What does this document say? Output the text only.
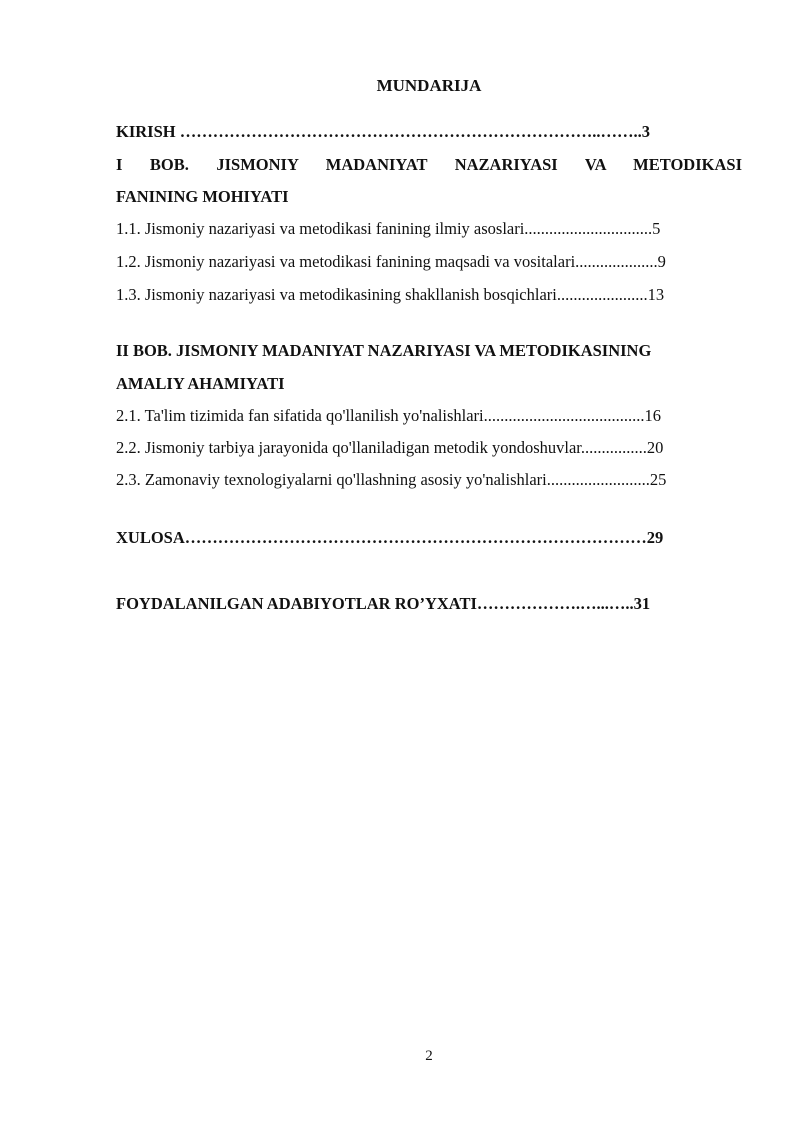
MUNDARIJA
KIRISH …………………………………………………………………..……..3
I BOB. JISMONIY MADANIYAT NAZARIYASI VA METODIKASI
FANINING MOHIYATI
1.1. Jismoniy nazariyasi va metodikasi fanining ilmiy asoslari...............................5
1.2. Jismoniy nazariyasi va metodikasi fanining maqsadi va vositalari....................9
1.3. Jismoniy nazariyasi va metodikasining shakllanish bosqichlari......................13
II BOB. JISMONIY MADANIYAT NAZARIYASI VA METODIKASINING
AMALIY AHAMIYATI
2.1. Ta'lim tizimida fan sifatida qo'llanilish yo'nalishlari.......................................16
2.2. Jismoniy tarbiya jarayonida qo'llaniladigan metodik yondoshuvlar................20
2.3. Zamonaviy texnologiyalarni qo'llashning asosiy yo'nalishlari.........................25
XULOSA…………………………………………………………………………29
FOYDALANILGAN ADABIYOTLAR RO’YXATI……………….…...…..31
2
